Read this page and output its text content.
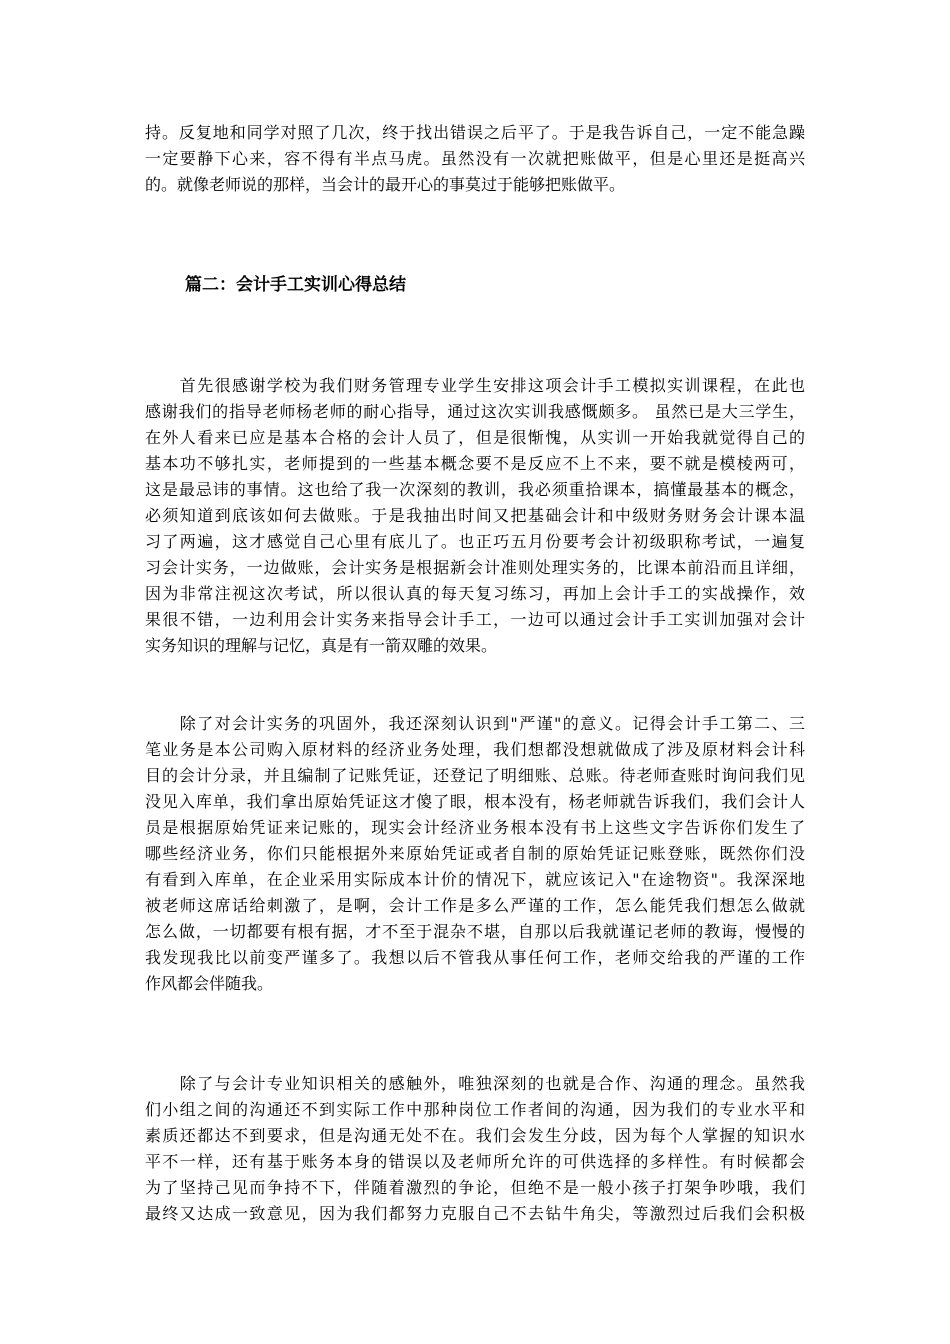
持。反复地和同学对照了几次，终于找出错误之后平了。于是我告诉自己，一定不能急躁
一定要静下心来，容不得有半点马虎。虽然没有一次就把账做平，但是心里还是挺高兴
的。就像老师说的那样，当会计的最开心的事莫过于能够把账做平。

篇二：会计手工实训心得总结

　　首先很感谢学校为我们财务管理专业学生安排这项会计手工模拟实训课程，在此也
感谢我们的指导老师杨老师的耐心指导，通过这次实训我感慨颇多。 虽然已是大三学生，
在外人看来已应是基本合格的会计人员了，但是很惭愧，从实训一开始我就觉得自己的
基本功不够扎实，老师提到的一些基本概念要不是反应不上不来，要不就是模棱两可，
这是最忌讳的事情。这也给了我一次深刻的教训，我必须重拾课本，搞懂最基本的概念，
必须知道到底该如何去做账。于是我抽出时间又把基础会计和中级财务财务会计课本温
习了两遍，这才感觉自己心里有底儿了。也正巧五月份要考会计初级职称考试，一遍复
习会计实务，一边做账，会计实务是根据新会计准则处理实务的，比课本前沿而且详细，
因为非常注视这次考试，所以很认真的每天复习练习，再加上会计手工的实战操作，效
果很不错，一边利用会计实务来指导会计手工，一边可以通过会计手工实训加强对会计
实务知识的理解与记忆，真是有一箭双雕的效果。

　　除了对会计实务的巩固外，我还深刻认识到"严谨"的意义。记得会计手工第二、三
笔业务是本公司购入原材料的经济业务处理，我们想都没想就做成了涉及原材料会计科
目的会计分录，并且编制了记账凭证，还登记了明细账、总账。待老师查账时询问我们见
没见入库单，我们拿出原始凭证这才傻了眼，根本没有，杨老师就告诉我们，我们会计人
员是根据原始凭证来记账的，现实会计经济业务根本没有书上这些文字告诉你们发生了
哪些经济业务，你们只能根据外来原始凭证或者自制的原始凭证记账登账，既然你们没
有看到入库单，在企业采用实际成本计价的情况下，就应该记入"在途物资"。我深深地
被老师这席话给刺激了，是啊，会计工作是多么严谨的工作，怎么能凭我们想怎么做就
怎么做，一切都要有根有据，才不至于混杂不堪，自那以后我就谨记老师的教诲，慢慢的
我发现我比以前变严谨多了。我想以后不管我从事任何工作，老师交给我的严谨的工作
作风都会伴随我。

　　除了与会计专业知识相关的感触外，唯独深刻的也就是合作、沟通的理念。虽然我
们小组之间的沟通还不到实际工作中那种岗位工作者间的沟通，因为我们的专业水平和
素质还都达不到要求，但是沟通无处不在。我们会发生分歧，因为每个人掌握的知识水
平不一样，还有基于账务本身的错误以及老师所允许的可供选择的多样性。有时候都会
为了坚持己见而争持不下，伴随着激烈的争论，但绝不是一般小孩子打架争吵哦，我们
最终又达成一致意见，因为我们都努力克服自己不去钻牛角尖，等激烈过后我们会积极
